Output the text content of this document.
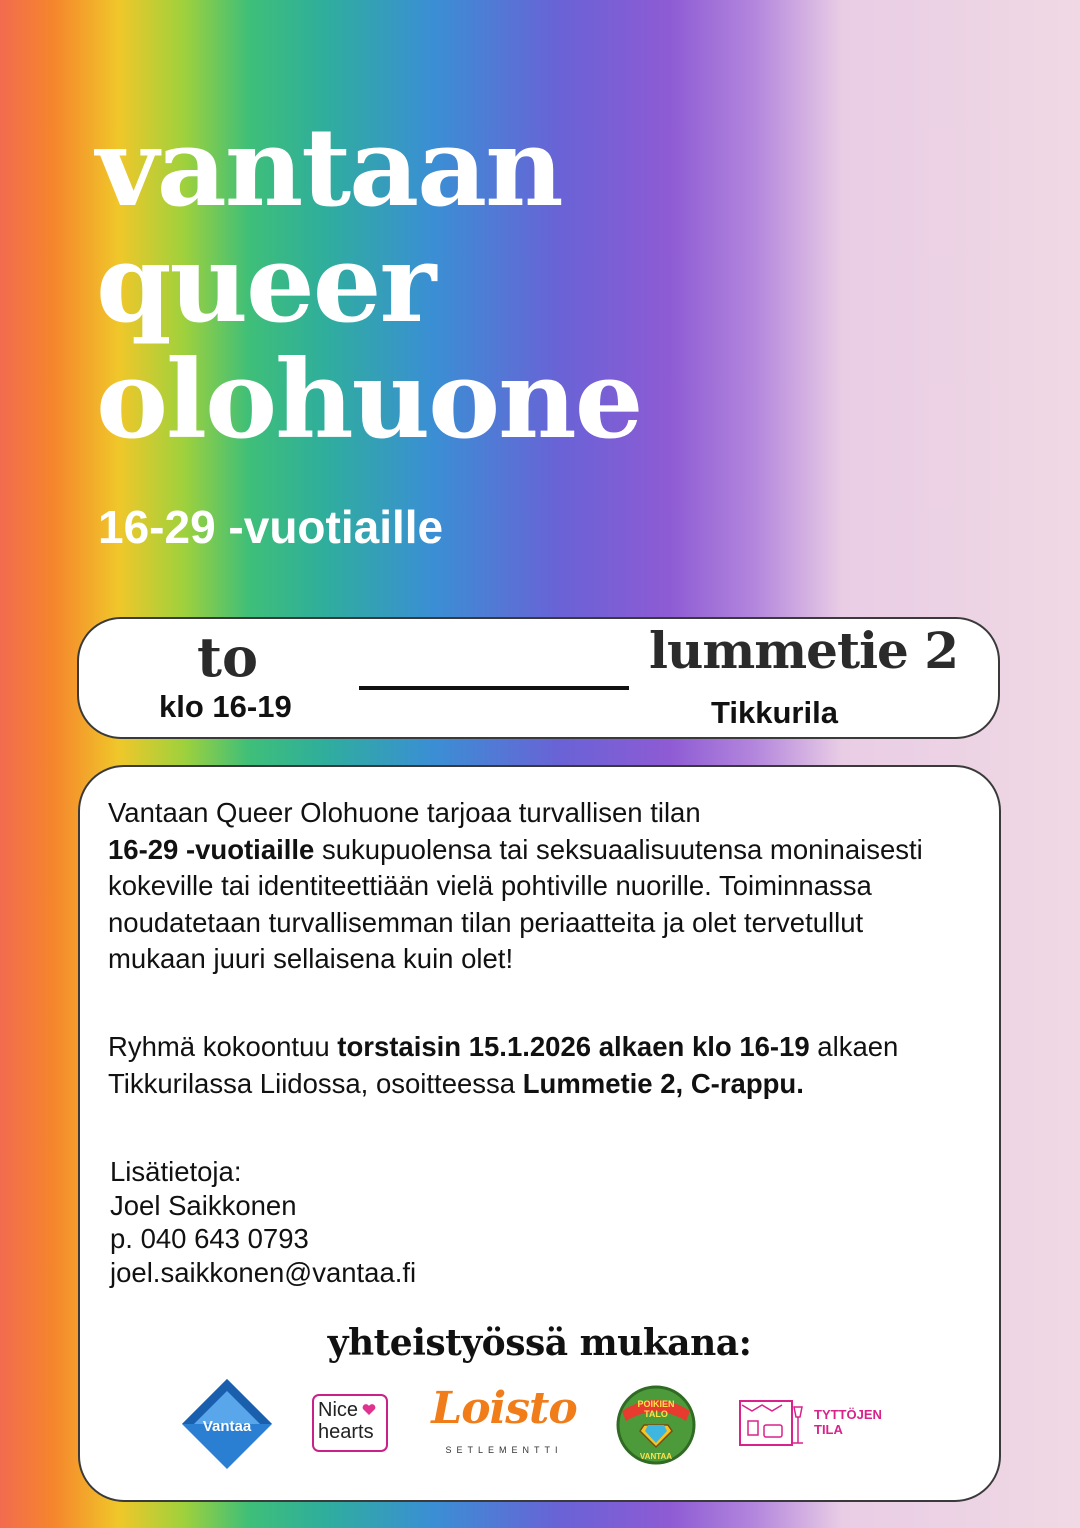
vantaan
queer
olohuone
16-29 -vuotiaille
to
klo 16-19
lummetie 2
Tikkurila

Vantaan Queer Olohuone tarjoaa turvallisen tilan
16-29 -vuotiaille sukupuolensa tai seksuaalisuutensa moninaisesti kokeville tai identiteettiään vielä pohtiville nuorille. Toiminnassa noudatetaan turvallisemman tilan periaatteita ja olet tervetullut mukaan juuri sellaisena kuin olet!

Ryhmä kokoontuu torstaisin 15.1.2026 alkaen klo 16-19 alkaen Tikkurilassa Liidossa, osoitteessa Lummetie 2, C-rappu.

Lisätietoja:
Joel Saikkonen
p. 040 643 0793
joel.saikkonen@vantaa.fi
yhteistyössä mukana:
Vantaa
Nice
hearts Loisto
SETLEMENTTI
POIKIEN
TALO
VANTAA
TYTTÖJEN
TILA
